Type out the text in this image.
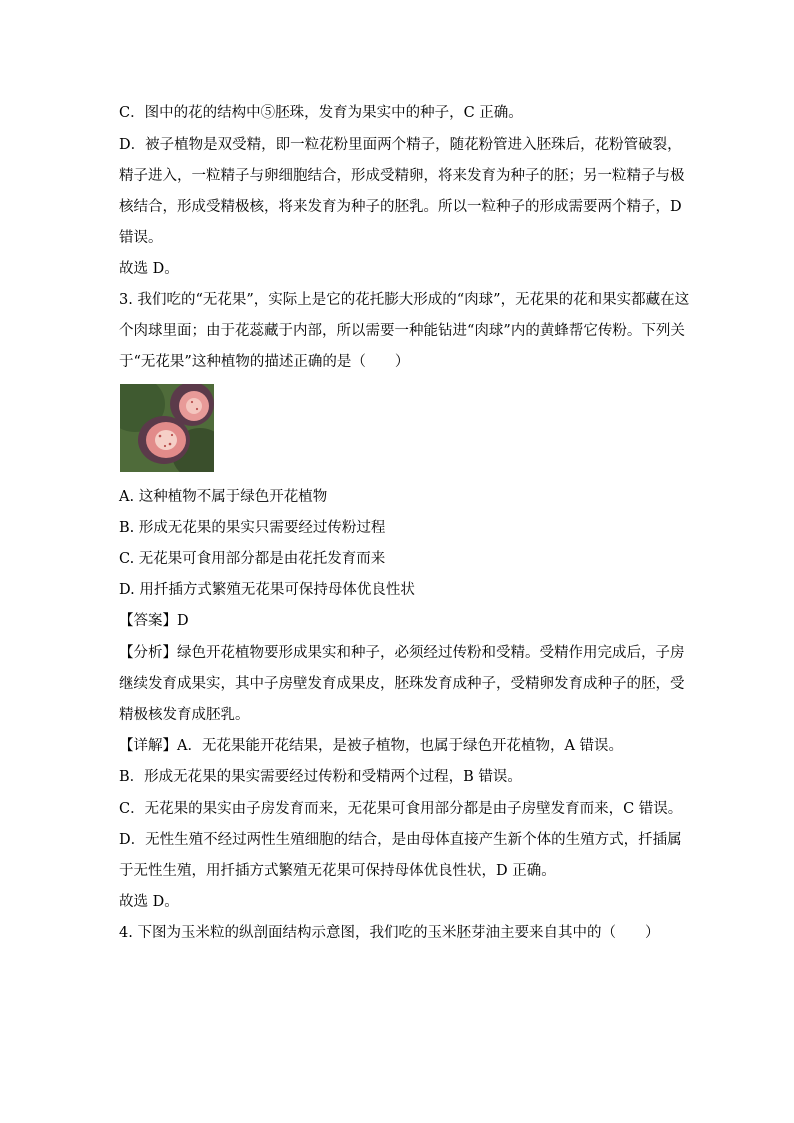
C．图中的花的结构中⑤胚珠，发育为果实中的种子，C 正确。
D．被子植物是双受精，即一粒花粉里面两个精子，随花粉管进入胚珠后，花粉管破裂，
精子进入，一粒精子与卵细胞结合，形成受精卵，将来发育为种子的胚；另一粒精子与极
核结合，形成受精极核，将来发育为种子的胚乳。所以一粒种子的形成需要两个精子，D
错误。
故选 D。
3. 我们吃的“无花果”，实际上是它的花托膨大形成的“肉球”，无花果的花和果实都藏在这
个肉球里面；由于花蕊藏于内部，所以需要一种能钻进“肉球”内的黄蜂帮它传粉。下列关
于“无花果”这种植物的描述正确的是（　　）
A. 这种植物不属于绿色开花植物
B. 形成无花果的果实只需要经过传粉过程
C. 无花果可食用部分都是由花托发育而来
D. 用扦插方式繁殖无花果可保持母体优良性状
【答案】D
【分析】绿色开花植物要形成果实和种子，必须经过传粉和受精。受精作用完成后，子房
继续发育成果实，其中子房壁发育成果皮，胚珠发育成种子，受精卵发育成种子的胚，受
精极核发育成胚乳。
【详解】A．无花果能开花结果，是被子植物，也属于绿色开花植物，A 错误。
B．形成无花果的果实需要经过传粉和受精两个过程，B 错误。
C．无花果的果实由子房发育而来，无花果可食用部分都是由子房壁发育而来，C 错误。
D．无性生殖不经过两性生殖细胞的结合，是由母体直接产生新个体的生殖方式，扦插属
于无性生殖，用扦插方式繁殖无花果可保持母体优良性状，D 正确。
故选 D。
4. 下图为玉米粒的纵剖面结构示意图，我们吃的玉米胚芽油主要来自其中的（　　）
